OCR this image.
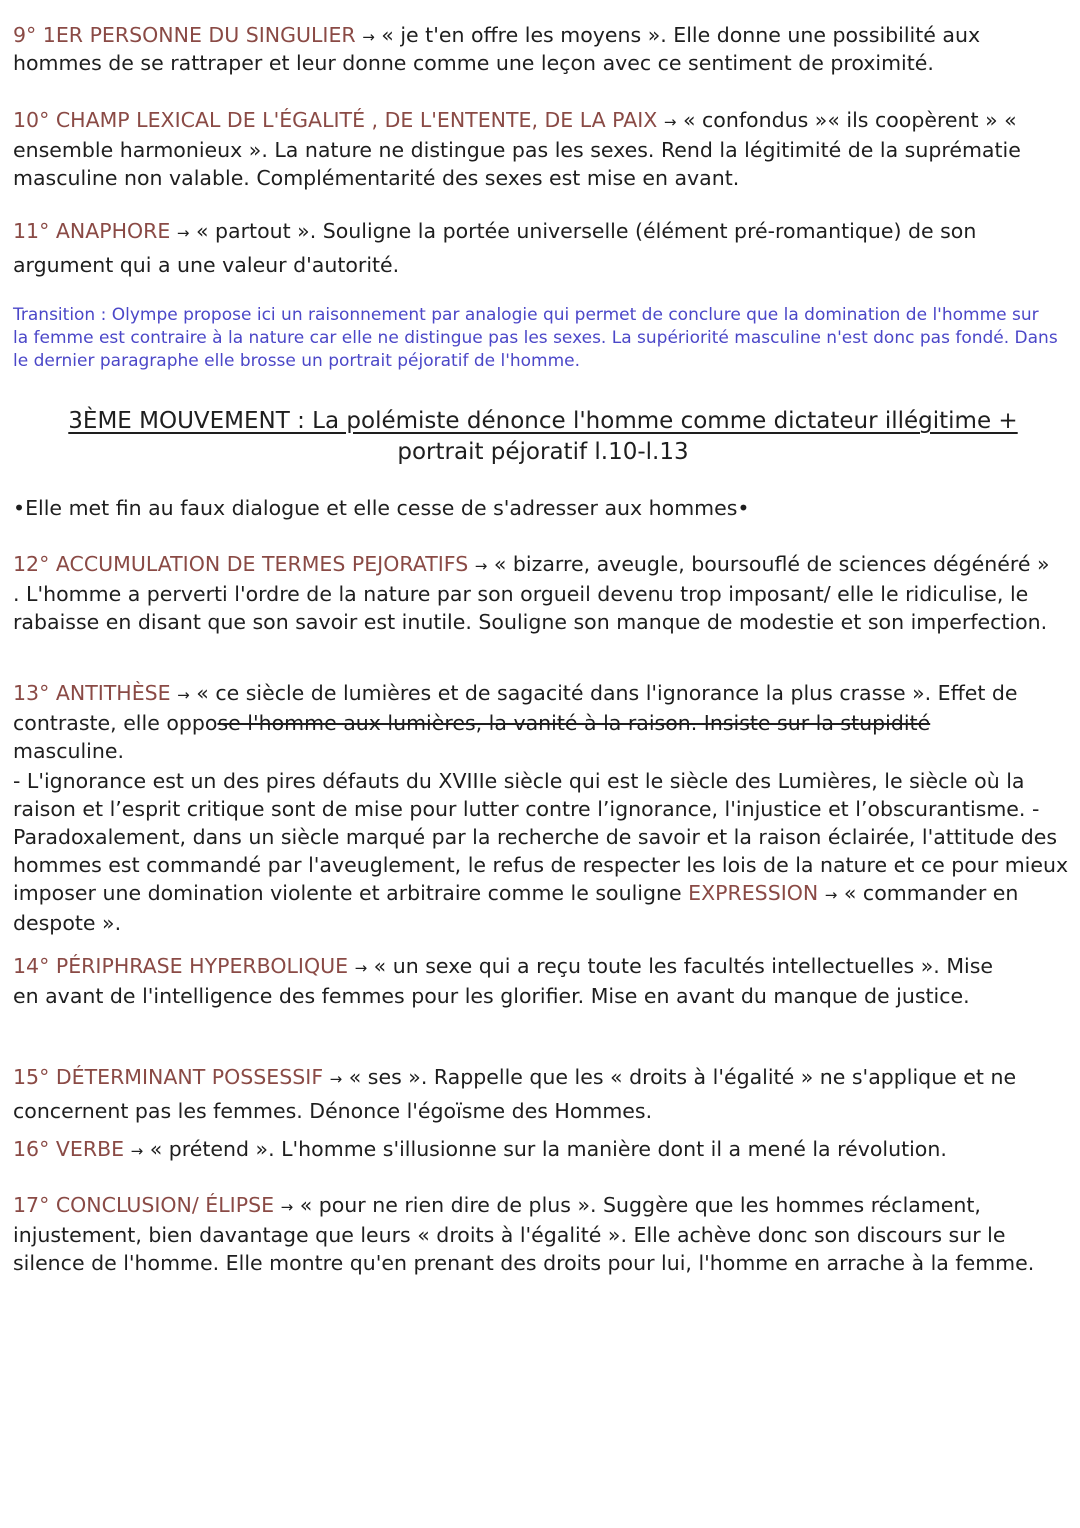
9° 1ER PERSONNE DU SINGULIER → « je t'en offre les moyens ». Elle donne une possibilité aux hommes de se rattraper et leur donne comme une leçon avec ce sentiment de proximité.

10° CHAMP LEXICAL DE L'ÉGALITÉ , DE L'ENTENTE, DE LA PAIX → « confondus »« ils coopèrent » « ensemble harmonieux ». La nature ne distingue pas les sexes. Rend la légitimité de la suprématie masculine non valable. Complémentarité des sexes est mise en avant.

11° ANAPHORE → « partout ». Souligne la portée universelle (élément pré-romantique) de son argument qui a une valeur d'autorité.

Transition : Olympe propose ici un raisonnement par analogie qui permet de conclure que la domination de l'homme sur la femme est contraire à la nature car elle ne distingue pas les sexes. La supériorité masculine n'est donc pas fondé. Dans le dernier paragraphe elle brosse un portrait péjoratif de l'homme.

3ÈME MOUVEMENT : La polémiste dénonce l'homme comme dictateur illégitime +

portrait péjoratif l.10-l.13

•Elle met fin au faux dialogue et elle cesse de s'adresser aux hommes•

12° ACCUMULATION DE TERMES PEJORATIFS → « bizarre, aveugle, boursouflé de sciences dégénéré » . L'homme a perverti l'ordre de la nature par son orgueil devenu trop imposant/ elle le ridiculise, le rabaisse en disant que son savoir est inutile. Souligne son manque de modestie et son imperfection.

13° ANTITHÈSE → « ce siècle de lumières et de sagacité dans l'ignorance la plus crasse ». Effet de contraste, elle oppose l'homme aux lumières, la vanité à la raison. Insiste sur la stupidité masculine.

- L'ignorance est un des pires défauts du XVIIIe siècle qui est le siècle des Lumières, le siècle où la raison et l’esprit critique sont de mise pour lutter contre l’ignorance, l'injustice et l’obscurantisme. - Paradoxalement, dans un siècle marqué par la recherche de savoir et la raison éclairée, l'attitude des hommes est commandé par l'aveuglement, le refus de respecter les lois de la nature et ce pour mieux imposer une domination violente et arbitraire comme le souligne EXPRESSION → « commander en despote ».

14° PÉRIPHRASE HYPERBOLIQUE → « un sexe qui a reçu toute les facultés intellectuelles ». Mise en avant de l'intelligence des femmes pour les glorifier. Mise en avant du manque de justice.

15° DÉTERMINANT POSSESSIF → « ses ». Rappelle que les « droits à l'égalité » ne s'applique et ne concernent pas les femmes. Dénonce l'égoïsme des Hommes.

16° VERBE → « prétend ». L'homme s'illusionne sur la manière dont il a mené la révolution.

17° CONCLUSION/ ÉLIPSE → « pour ne rien dire de plus ». Suggère que les hommes réclament, injustement, bien davantage que leurs « droits à l'égalité ». Elle achève donc son discours sur le silence de l'homme. Elle montre qu'en prenant des droits pour lui, l'homme en arrache à la femme.
